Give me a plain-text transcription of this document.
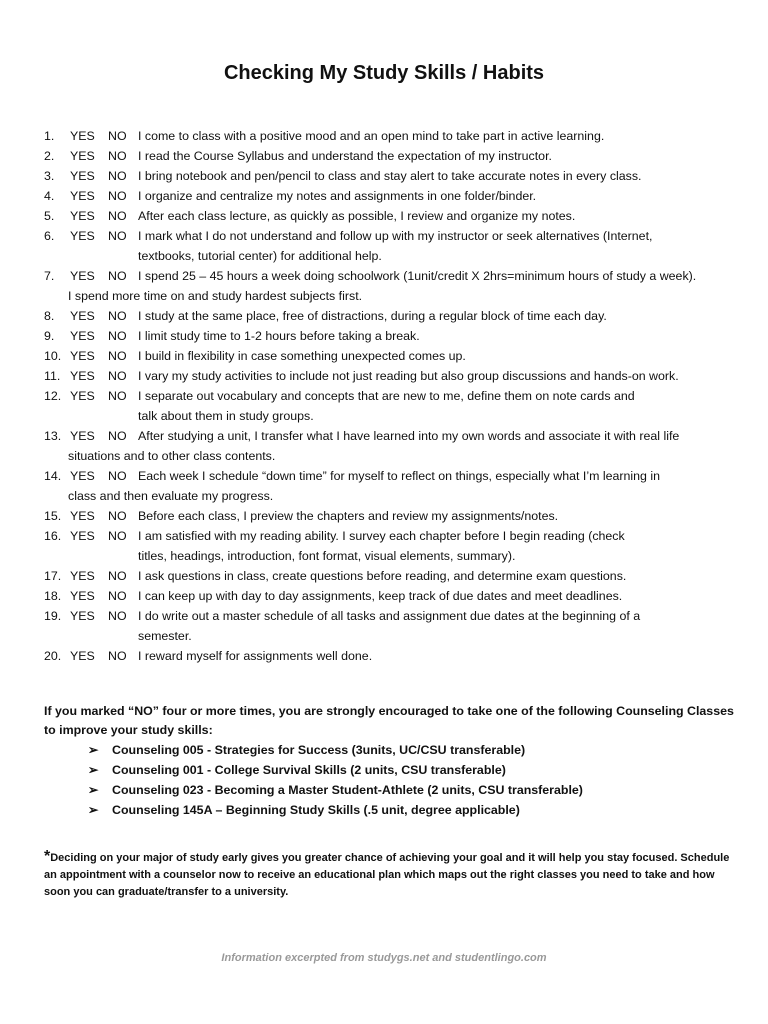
Checking My Study Skills / Habits
1.	YES	NO I come to class with a positive mood and an open mind to take part in active learning.
2.	YES	NO I read the Course Syllabus and understand the expectation of my instructor.
3.	YES	NO I bring notebook and pen/pencil to class and stay alert to take accurate notes in every class.
4.	YES	NO I organize and centralize my notes and assignments in one folder/binder.
5.	YES	NO After each class lecture, as quickly as possible, I review and organize my notes.
6.	YES	NO I mark what I do not understand and follow up with my instructor or seek alternatives (Internet,
textbooks, tutorial center) for additional help.
7.	YES	NO I spend 25 – 45 hours a week doing schoolwork (1unit/credit X 2hrs=minimum hours of study a week).
I spend more time on and study hardest subjects first.
8.	YES	NO I study at the same place, free of distractions, during a regular block of time each day.
9.	YES	NO I limit study time to 1-2 hours before taking a break.
10. YES	NO I build in flexibility in case something unexpected comes up.
11. YES	NO I vary my study activities to include not just reading but also group discussions and hands-on work.
12. YES	NO I separate out vocabulary and concepts that are new to me, define them on note cards and
talk about them in study groups.
13. YES	NO After studying a unit, I transfer what I have learned into my own words and associate it with real life
situations and to other class contents.
14. YES	NO Each week I schedule “down time” for myself to reflect on things, especially what I’m learning in
class and then evaluate my progress.
15. YES	NO Before each class, I preview the chapters and review my assignments/notes.
16. YES	NO I am satisfied with my reading ability. I survey each chapter before I begin reading (check
titles, headings, introduction, font format, visual elements, summary).
17. YES	NO I ask questions in class, create questions before reading, and determine exam questions.
18. YES	NO I can keep up with day to day assignments, keep track of due dates and meet deadlines.
19. YES	NO I do write out a master schedule of all tasks and assignment due dates at the beginning of a
semester.
20. YES	NO I reward myself for assignments well done.
If you marked “NO” four or more times, you are strongly encouraged to take one of the following Counseling Classes to improve your study skills:
➢	Counseling 005 - Strategies for Success (3units, UC/CSU transferable)
➢	Counseling 001 - College Survival Skills (2 units, CSU transferable)
➢	Counseling 023 - Becoming a Master Student-Athlete (2 units, CSU transferable)
➢	Counseling 145A – Beginning Study Skills (.5 unit, degree applicable)
*Deciding on your major of study early gives you greater chance of achieving your goal and it will help you stay focused. Schedule an appointment with a counselor now to receive an educational plan which maps out the right classes you need to take and how soon you can graduate/transfer to a university.
Information excerpted from studygs.net and studentlingo.com
